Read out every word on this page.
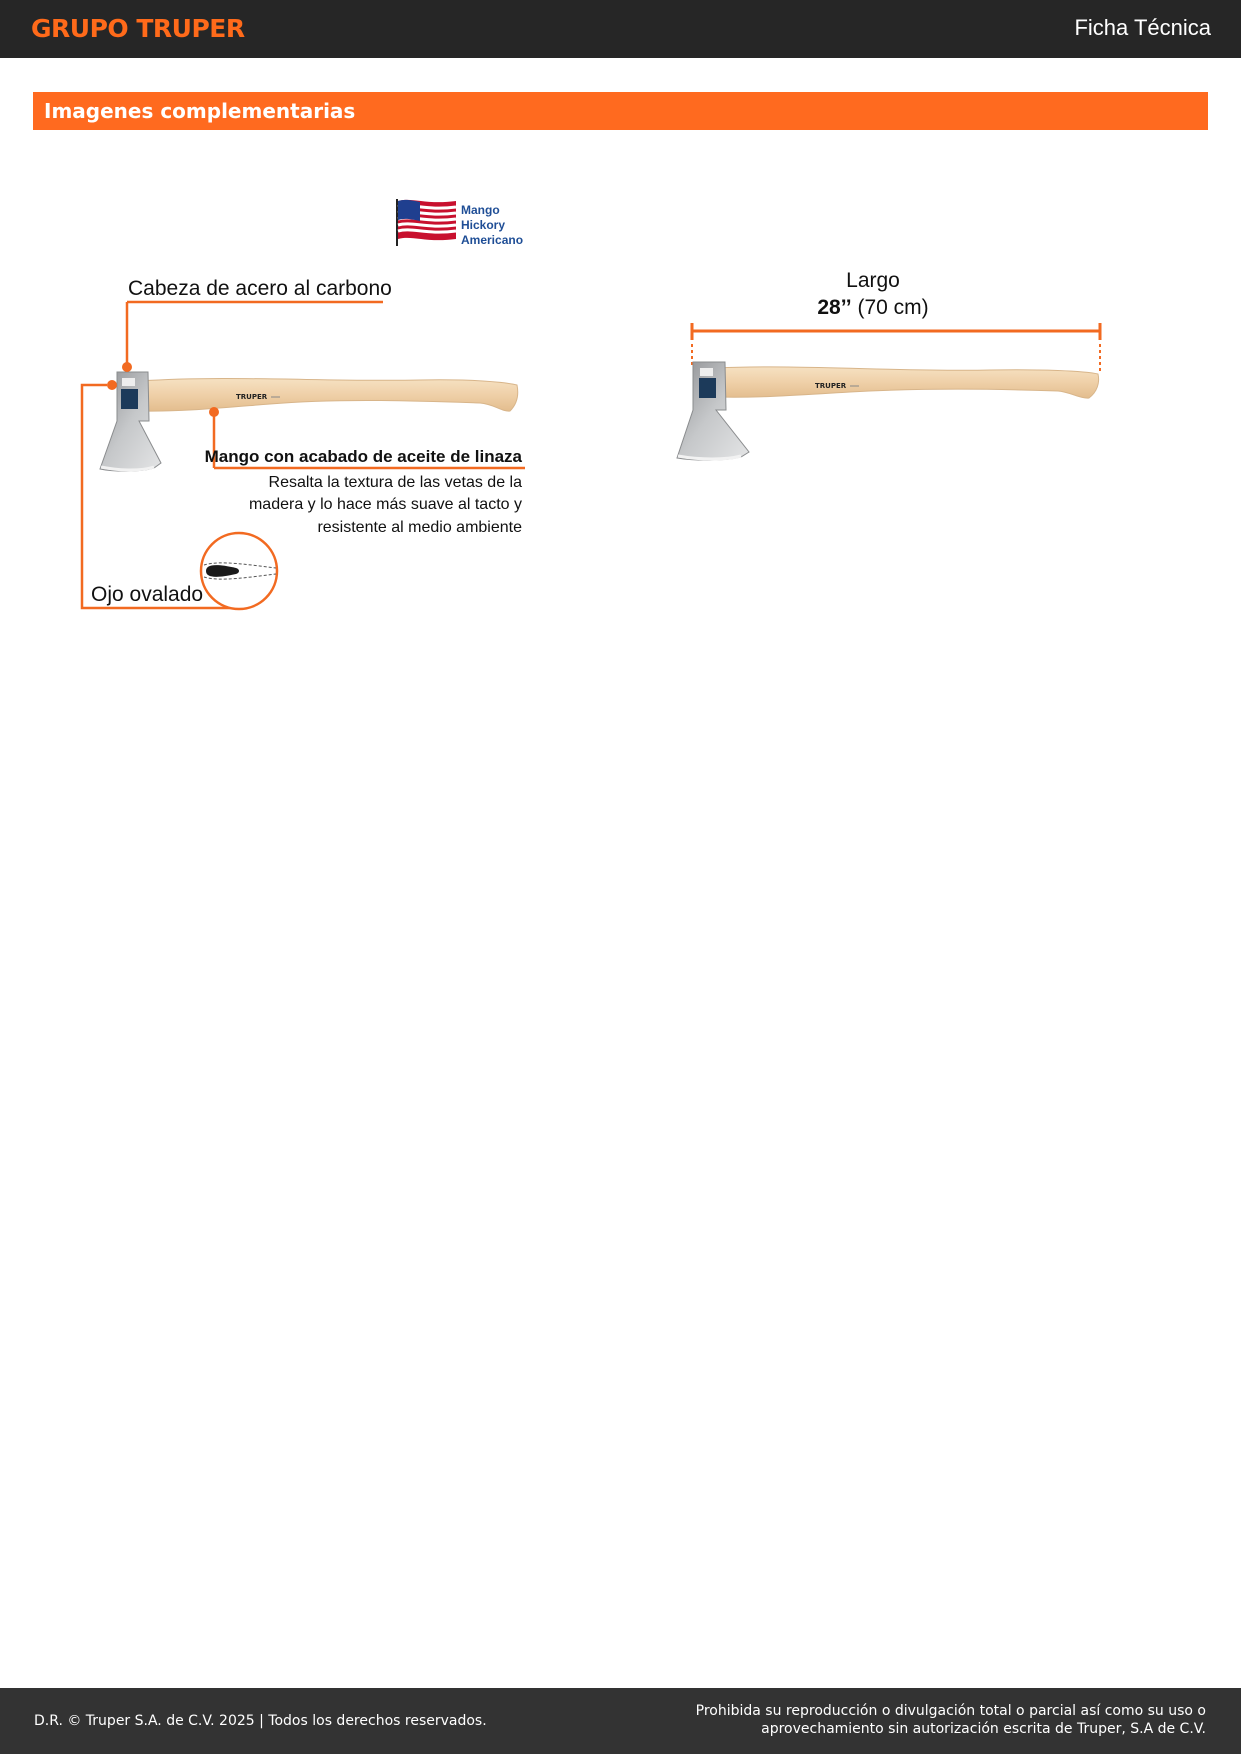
GRUPO TRUPER	Ficha Técnica
Imagenes complementarias
Mango
Hickory
Americano
TRUPER
Cabeza de acero al carbono
Mango con acabado de aceite de linaza
Resalta la textura de las vetas de la
madera y lo hace más suave al tacto y
resistente al medio ambiente
Ojo ovalado
Largo
28’’ (70 cm)
TRUPER
D.R. © Truper S.A. de C.V. 2025 | Todos los derechos reservados.
Prohibida su reproducción o divulgación total o parcial así como su uso o
aprovechamiento sin autorización escrita de Truper, S.A de C.V.
